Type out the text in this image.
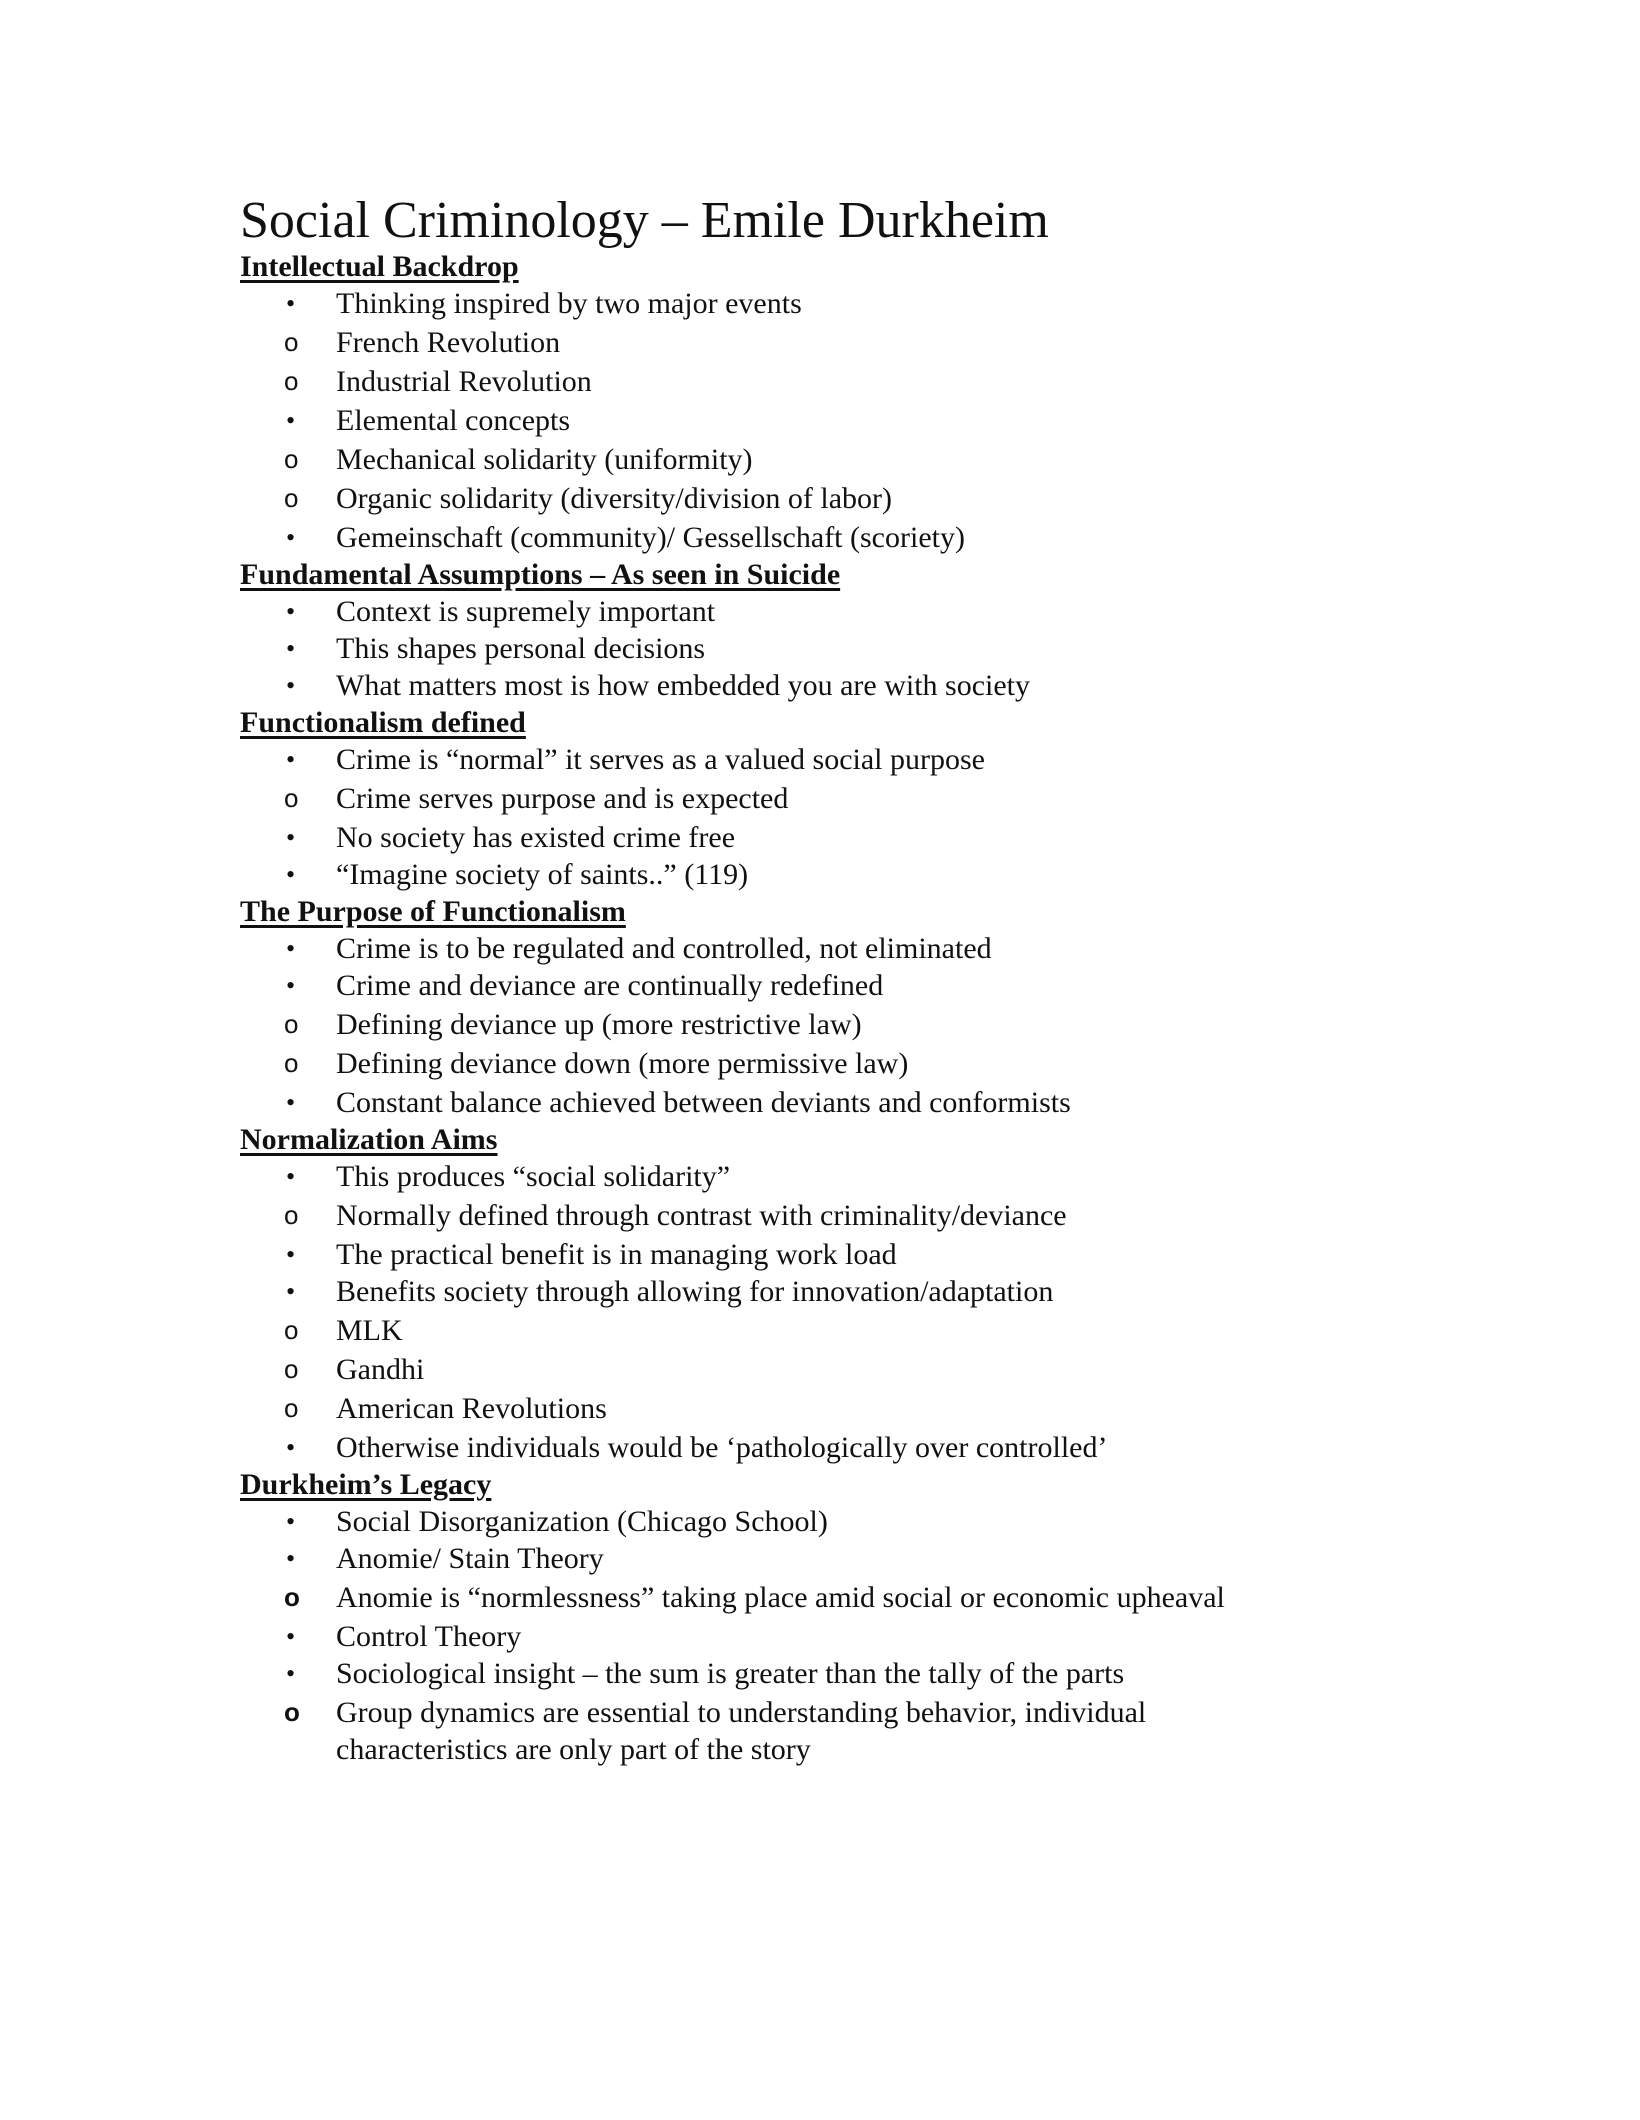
Social Criminology – Emile Durkheim
Intellectual Backdrop
• Thinking inspired by two major events
o French Revolution
o Industrial Revolution
• Elemental concepts
o Mechanical solidarity (uniformity)
o Organic solidarity (diversity/division of labor)
• Gemeinschaft (community)/ Gessellschaft (scoriety)
Fundamental Assumptions – As seen in Suicide
• Context is supremely important
• This shapes personal decisions
• What matters most is how embedded you are with society
Functionalism defined
• Crime is “normal” it serves as a valued social purpose
o Crime serves purpose and is expected
• No society has existed crime free
• “Imagine society of saints..” (119)
The Purpose of Functionalism
• Crime is to be regulated and controlled, not eliminated
• Crime and deviance are continually redefined
o Defining deviance up (more restrictive law)
o Defining deviance down (more permissive law)
• Constant balance achieved between deviants and conformists
Normalization Aims
• This produces “social solidarity”
o Normally defined through contrast with criminality/deviance
• The practical benefit is in managing work load
• Benefits society through allowing for innovation/adaptation
o MLK
o Gandhi
o American Revolutions
• Otherwise individuals would be ‘pathologically over controlled’
Durkheim’s Legacy
• Social Disorganization (Chicago School)
• Anomie/ Stain Theory
o Anomie is “normlessness” taking place amid social or economic upheaval
• Control Theory
• Sociological insight – the sum is greater than the tally of the parts
o Group dynamics are essential to understanding behavior, individual characteristics are only part of the story
